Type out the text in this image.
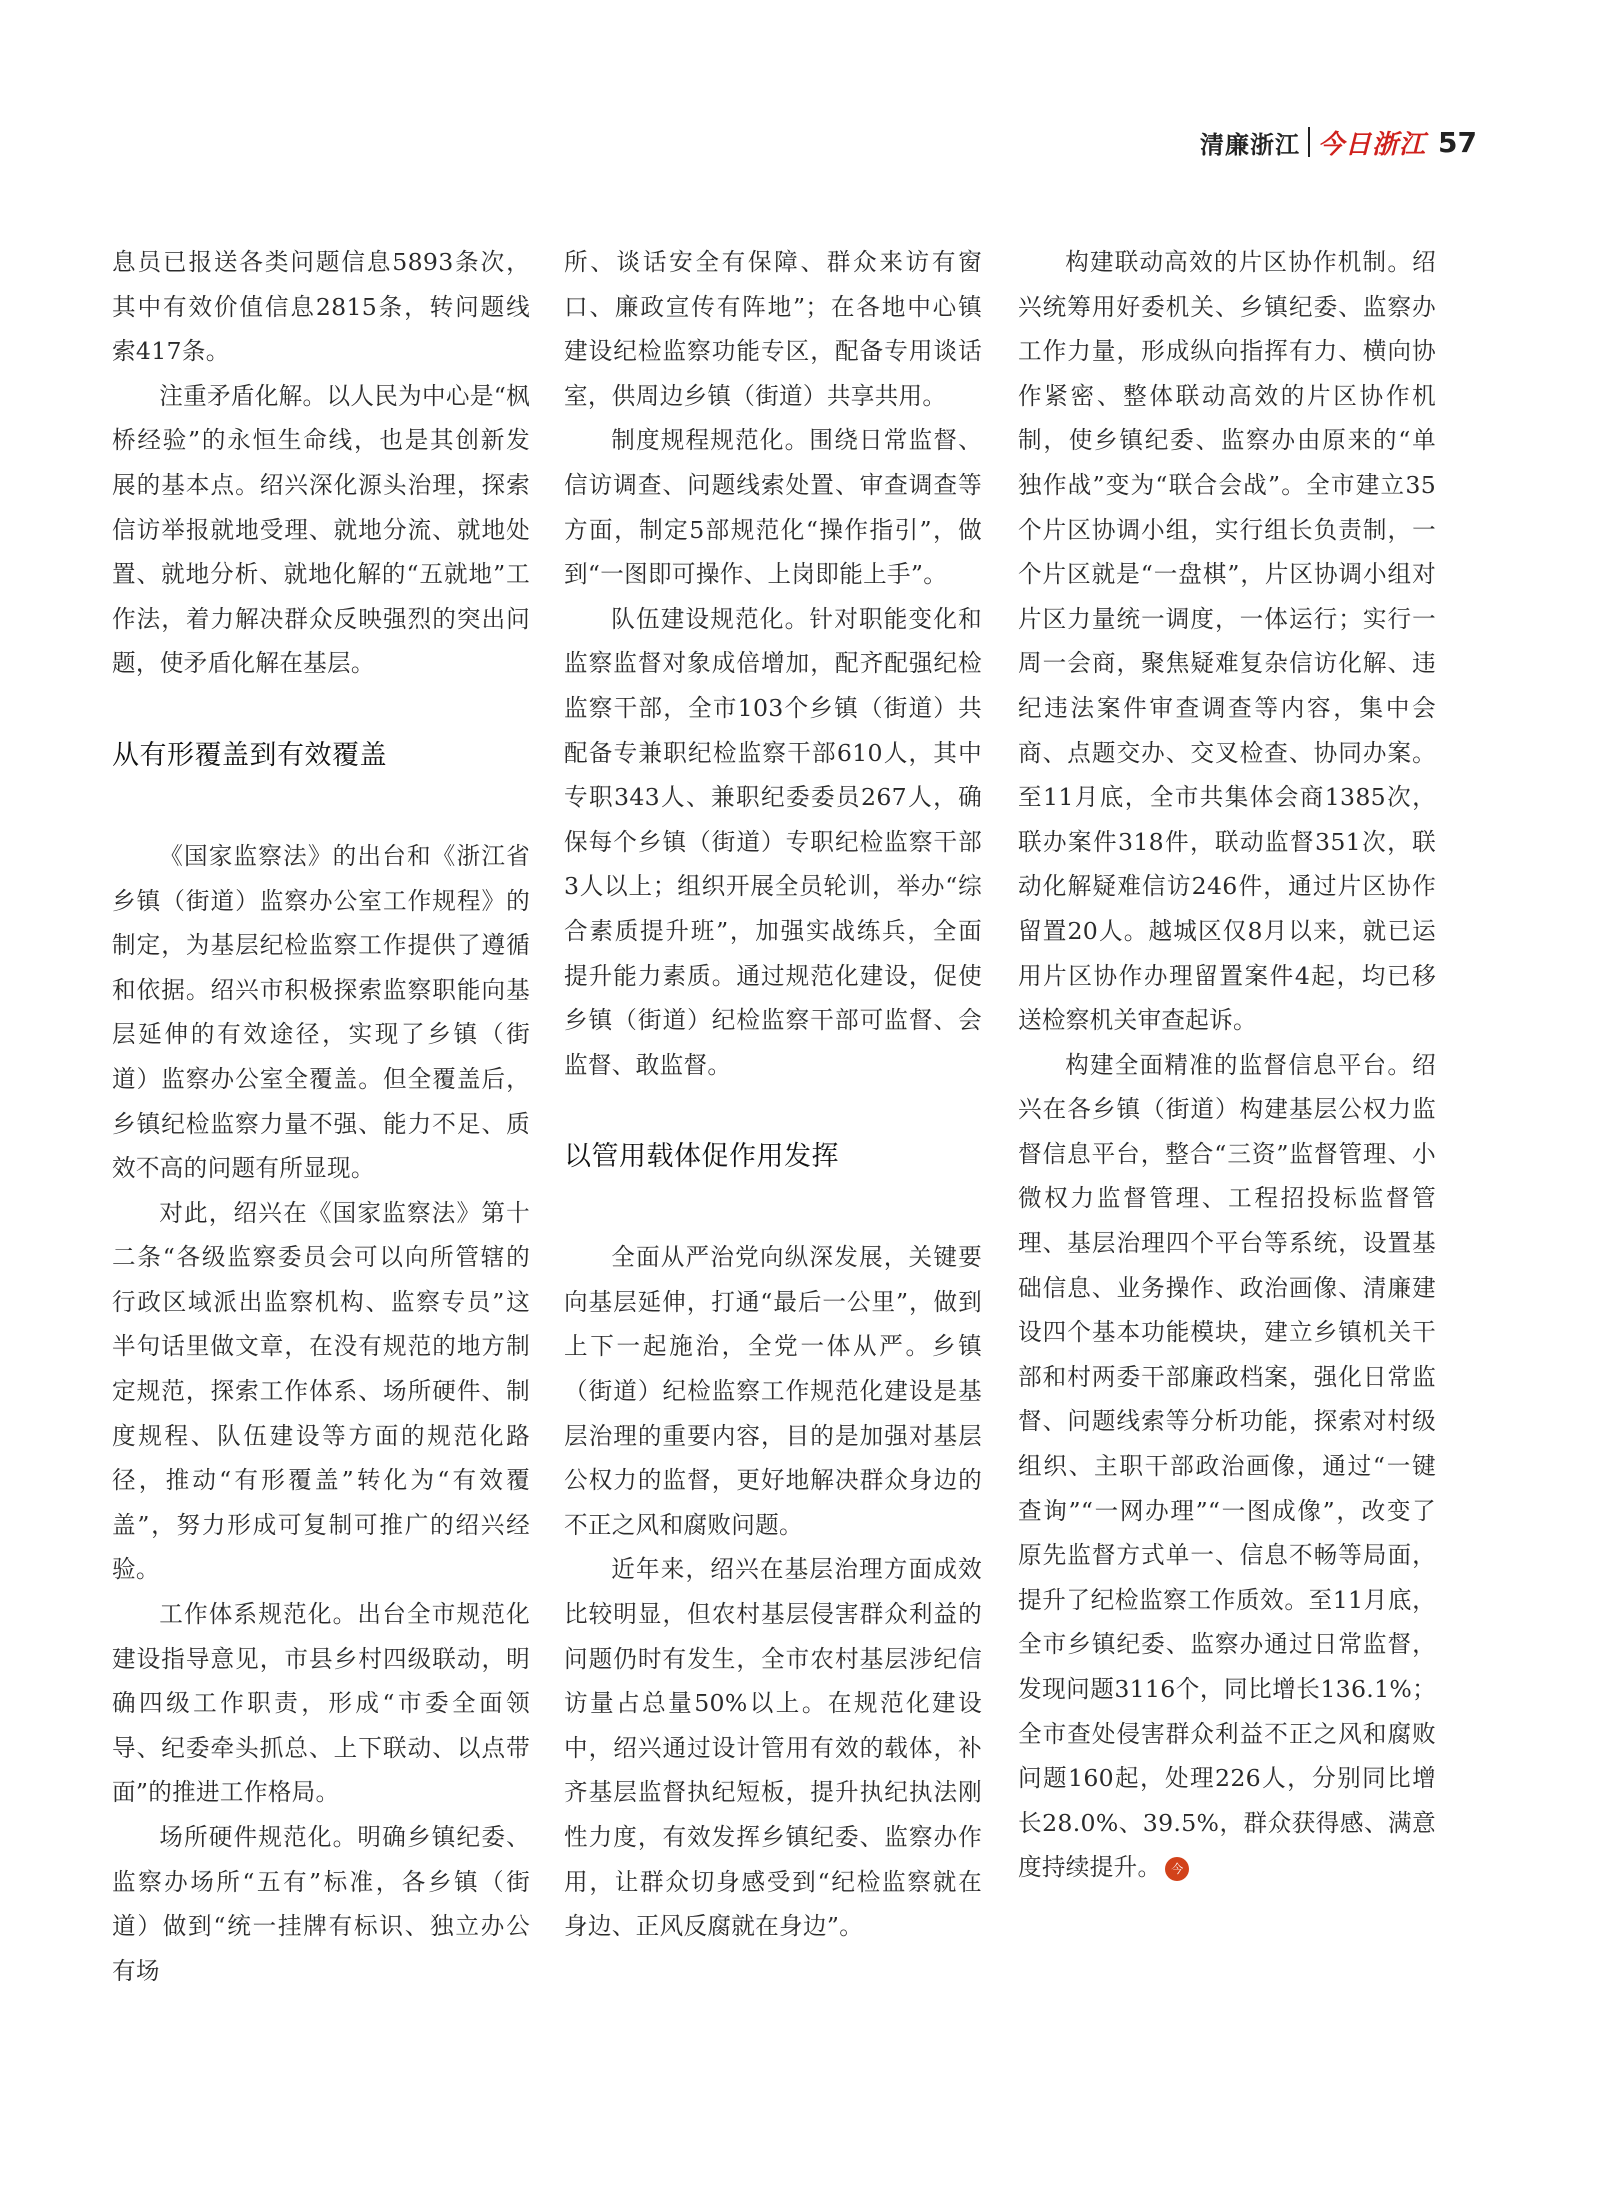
清廉浙江 今日浙江 57

息员已报送各类问题信息5893条次，其中有效价值信息2815条，转问题线索417条。

注重矛盾化解。以人民为中心是“枫桥经验”的永恒生命线，也是其创新发展的基本点。绍兴深化源头治理，探索信访举报就地受理、就地分流、就地处置、就地分析、就地化解的“五就地”工作法，着力解决群众反映强烈的突出问题，使矛盾化解在基层。

从有形覆盖到有效覆盖

《国家监察法》的出台和《浙江省乡镇（街道）监察办公室工作规程》的制定，为基层纪检监察工作提供了遵循和依据。绍兴市积极探索监察职能向基层延伸的有效途径，实现了乡镇（街道）监察办公室全覆盖。但全覆盖后，乡镇纪检监察力量不强、能力不足、质效不高的问题有所显现。

对此，绍兴在《国家监察法》第十二条“各级监察委员会可以向所管辖的行政区域派出监察机构、监察专员”这半句话里做文章，在没有规范的地方制定规范，探索工作体系、场所硬件、制度规程、队伍建设等方面的规范化路径，推动“有形覆盖”转化为“有效覆盖”，努力形成可复制可推广的绍兴经验。

工作体系规范化。出台全市规范化建设指导意见，市县乡村四级联动，明确四级工作职责，形成“市委全面领导、纪委牵头抓总、上下联动、以点带面”的推进工作格局。

场所硬件规范化。明确乡镇纪委、监察办场所“五有”标准，各乡镇（街道）做到“统一挂牌有标识、独立办公有场

所、谈话安全有保障、群众来访有窗口、廉政宣传有阵地”；在各地中心镇建设纪检监察功能专区，配备专用谈话室，供周边乡镇（街道）共享共用。

制度规程规范化。围绕日常监督、信访调查、问题线索处置、审查调查等方面，制定5部规范化“操作指引”，做到“一图即可操作、上岗即能上手”。

队伍建设规范化。针对职能变化和监察监督对象成倍增加，配齐配强纪检监察干部，全市103个乡镇（街道）共配备专兼职纪检监察干部610人，其中专职343人、兼职纪委委员267人，确保每个乡镇（街道）专职纪检监察干部3人以上；组织开展全员轮训，举办“综合素质提升班”，加强实战练兵，全面提升能力素质。通过规范化建设，促使乡镇（街道）纪检监察干部可监督、会监督、敢监督。

以管用载体促作用发挥

全面从严治党向纵深发展，关键要向基层延伸，打通“最后一公里”，做到上下一起施治，全党一体从严。乡镇（街道）纪检监察工作规范化建设是基层治理的重要内容，目的是加强对基层公权力的监督，更好地解决群众身边的不正之风和腐败问题。

近年来，绍兴在基层治理方面成效比较明显，但农村基层侵害群众利益的问题仍时有发生，全市农村基层涉纪信访量占总量50%以上。在规范化建设中，绍兴通过设计管用有效的载体，补齐基层监督执纪短板，提升执纪执法刚性力度，有效发挥乡镇纪委、监察办作用，让群众切身感受到“纪检监察就在身边、正风反腐就在身边”。

构建联动高效的片区协作机制。绍兴统筹用好委机关、乡镇纪委、监察办工作力量，形成纵向指挥有力、横向协作紧密、整体联动高效的片区协作机制，使乡镇纪委、监察办由原来的“单独作战”变为“联合会战”。全市建立35个片区协调小组，实行组长负责制，一个片区就是“一盘棋”，片区协调小组对片区力量统一调度，一体运行；实行一周一会商，聚焦疑难复杂信访化解、违纪违法案件审查调查等内容，集中会商、点题交办、交叉检查、协同办案。至11月底，全市共集体会商1385次，联办案件318件，联动监督351次，联动化解疑难信访246件，通过片区协作留置20人。越城区仅8月以来，就已运用片区协作办理留置案件4起，均已移送检察机关审查起诉。

构建全面精准的监督信息平台。绍兴在各乡镇（街道）构建基层公权力监督信息平台，整合“三资”监督管理、小微权力监督管理、工程招投标监督管理、基层治理四个平台等系统，设置基础信息、业务操作、政治画像、清廉建设四个基本功能模块，建立乡镇机关干部和村两委干部廉政档案，强化日常监督、问题线索等分析功能，探索对村级组织、主职干部政治画像，通过“一键查询”“一网办理”“一图成像”，改变了原先监督方式单一、信息不畅等局面，提升了纪检监察工作质效。至11月底，全市乡镇纪委、监察办通过日常监督，发现问题3116个，同比增长136.1%；全市查处侵害群众利益不正之风和腐败问题160起，处理226人，分别同比增长28.0%、39.5%，群众获得感、满意度持续提升。 今
